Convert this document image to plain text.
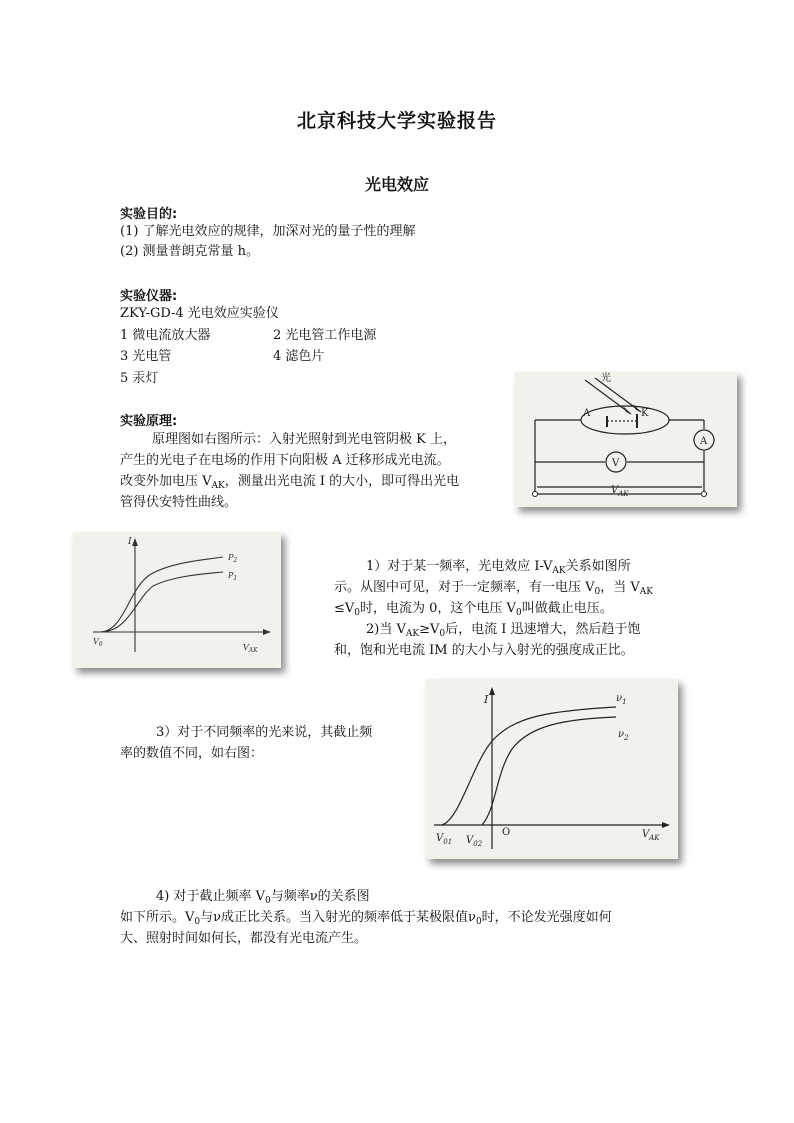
北京科技大学实验报告
光电效应
实验目的:
(1) 了解光电效应的规律，加深对光的量子性的理解
(2) 测量普朗克常量 h。
实验仪器:
ZKY-GD-4 光电效应实验仪
1 微电流放大器	2 光电管工作电源
3 光电管	4 滤色片
5 汞灯
实验原理:
原理图如右图所示：入射光照射到光电管阴极 K 上，
产生的光电子在电场的作用下向阳极 A 迁移形成光电流。
改变外加电压 $V_{AK}$，测量出光电流 I 的大小，即可得出光电
管得伏安特性曲线。
光
A	K
A
V
$V_{AK}$
I
$P_2$
$P_1$
$V_0$	$V_{AK}$
1）对于某一频率，光电效应 $I-V_{AK}$关系如图所
示。从图中可见，对于一定频率，有一电压 $V_0$，当 $V_{AK}$
$\le V_0$时，电流为 0，这个电压 $V_0$叫做截止电压。
2)当 $V_{AK}\ge V_0$后，电流 I 迅速增大，然后趋于饱
和，饱和光电流 IM 的大小与入射光的强度成正比。
I	$\nu_1$
$\nu_2$
O
$V_{01}$ $V_{02}$
$V_{AK}$
3）对于不同频率的光来说，其截止频
率的数值不同，如右图：
4) 对于截止频率 $V_0$与频率ν的关系图
如下所示。$V_0$与ν成正比关系。当入射光的频率低于某极限值$\nu_0$时，不论发光强度如何
大、照射时间如何长，都没有光电流产生。
